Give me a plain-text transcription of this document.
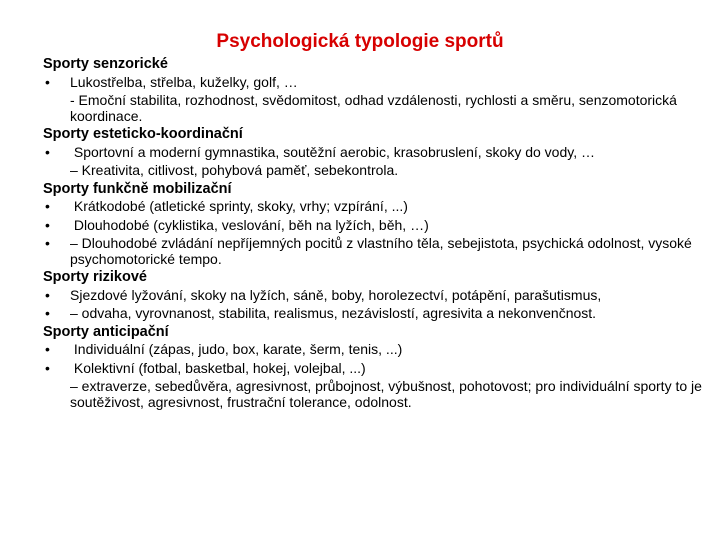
Psychologická typologie sportů
Sporty senzorické
•	Lukostřelba, střelba, kuželky, golf, …
- Emoční stabilita, rozhodnost, svědomitost, odhad vzdálenosti, rychlosti a směru, senzomotorická koordinace.
Sporty esteticko-koordinační
•	Sportovní a moderní gymnastika, soutěžní aerobic, krasobruslení, skoky do vody, …
– Kreativita, citlivost, pohybová paměť, sebekontrola.
Sporty funkčně mobilizační
•	Krátkodobé (atletické sprinty, skoky, vrhy; vzpírání, ...)
•	Dlouhodobé (cyklistika, veslování, běh na lyžích, běh, …)
•	– Dlouhodobé zvládání nepříjemných pocitů z vlastního těla, sebejistota, psychická odolnost, vysoké psychomotorické tempo.
Sporty rizikové
•	Sjezdové lyžování, skoky na lyžích, sáně, boby, horolezectví, potápění, parašutismus,
•	– odvaha, vyrovnanost, stabilita, realismus, nezávislostí, agresivita a nekonvenčnost.
Sporty anticipační
•	Individuální (zápas, judo, box, karate, šerm, tenis, ...)
•	Kolektivní (fotbal, basketbal, hokej, volejbal, ...)
– extraverze, sebedůvěra, agresivnost, průbojnost, výbušnost, pohotovost; pro individuální sporty to je soutěživost, agresivnost, frustrační tolerance, odolnost.
